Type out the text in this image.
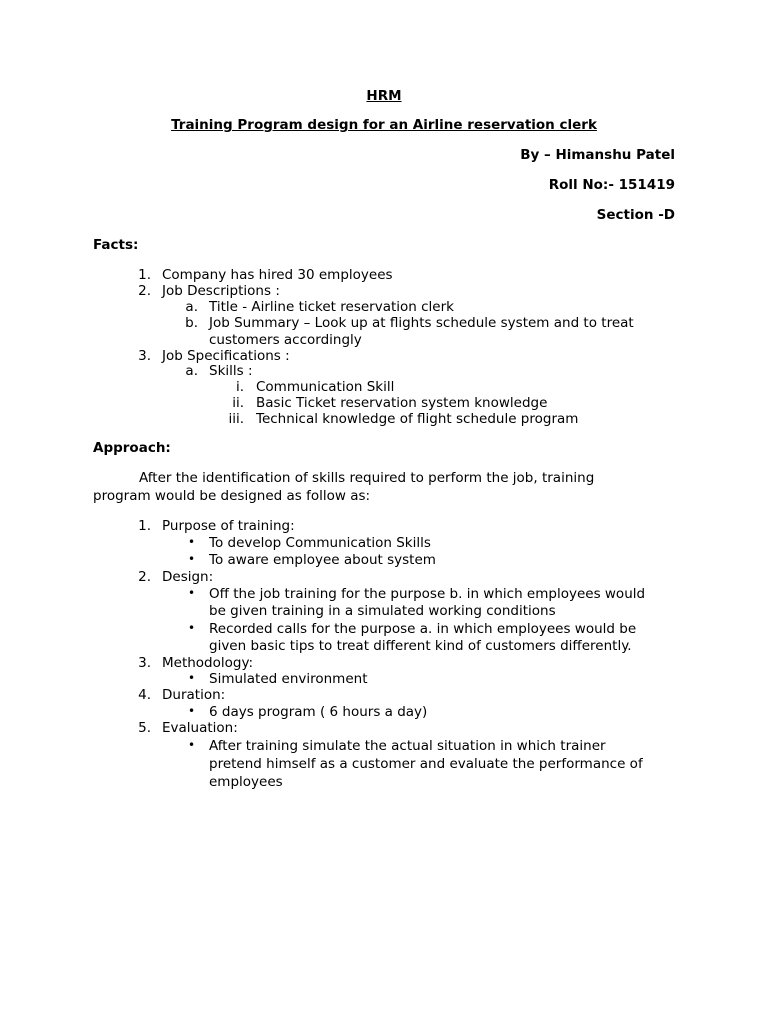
HRM
Training Program design for an Airline reservation clerk
By – Himanshu Patel
Roll No:- 151419
Section -D
Facts:
1. Company has hired 30 employees
2. Job Descriptions :
a. Title - Airline ticket reservation clerk
b. Job Summary – Look up at flights schedule system and to treat
customers accordingly
3. Job Specifications :
a. Skills :
i. Communication Skill
ii. Basic Ticket reservation system knowledge
iii. Technical knowledge of flight schedule program
Approach:
After the identification of skills required to perform the job, training
program would be designed as follow as:
1. Purpose of training:
• To develop Communication Skills
• To aware employee about system
2. Design:
• Off the job training for the purpose b. in which employees would
be given training in a simulated working conditions
• Recorded calls for the purpose a. in which employees would be
given basic tips to treat different kind of customers differently.
3. Methodology:
• Simulated environment
4. Duration:
• 6 days program ( 6 hours a day)
5. Evaluation:
• After training simulate the actual situation in which trainer
pretend himself as a customer and evaluate the performance of
employees
